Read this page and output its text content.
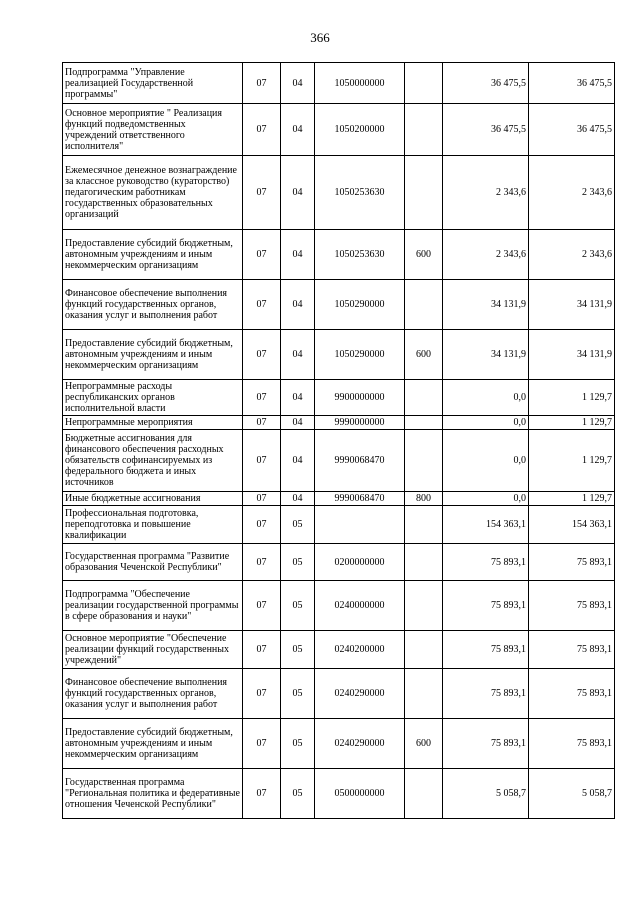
366
Подпрограмма "Управление реализацией Государственной программы"	07	04	1050000000		36 475,5	36 475,5
Основное мероприятие " Реализация функций подведомственных учреждений ответственного исполнителя"	07	04	1050200000		36 475,5	36 475,5
Ежемесячное денежное вознаграждение за классное руководство (кураторство) педагогическим работникам государственных образовательных организаций	07	04	1050253630		2 343,6	2 343,6
Предоставление субсидий бюджетным, автономным учреждениям и иным некоммерческим организациям	07	04	1050253630	600	2 343,6	2 343,6
Финансовое обеспечение выполнения функций государственных органов, оказания услуг и выполнения работ	07	04	1050290000		34 131,9	34 131,9
Предоставление субсидий бюджетным, автономным учреждениям и иным некоммерческим организациям	07	04	1050290000	600	34 131,9	34 131,9
Непрограммные расходы республиканских органов исполнительной власти	07	04	9900000000		0,0	1 129,7
Непрограммные мероприятия	07	04	9990000000		0,0	1 129,7
Бюджетные ассигнования для финансового обеспечения расходных обязательств софинансируемых из федерального бюджета и иных источников	07	04	9990068470		0,0	1 129,7
Иные бюджетные ассигнования	07	04	9990068470	800	0,0	1 129,7
Профессиональная подготовка, переподготовка и повышение квалификации	07	05			154 363,1	154 363,1
Государственная программа "Развитие образования Чеченской Республики"	07	05	0200000000		75 893,1	75 893,1
Подпрограмма "Обеспечение реализации государственной программы в сфере образования и науки"	07	05	0240000000		75 893,1	75 893,1
Основное мероприятие "Обеспечение реализации функций государственных учреждений"	07	05	0240200000		75 893,1	75 893,1
Финансовое обеспечение выполнения функций государственных органов, оказания услуг и выполнения работ	07	05	0240290000		75 893,1	75 893,1
Предоставление субсидий бюджетным, автономным учреждениям и иным некоммерческим организациям	07	05	0240290000	600	75 893,1	75 893,1
Государственная программа "Региональная политика и федеративные отношения Чеченской Республики"	07	05	0500000000		5 058,7	5 058,7
